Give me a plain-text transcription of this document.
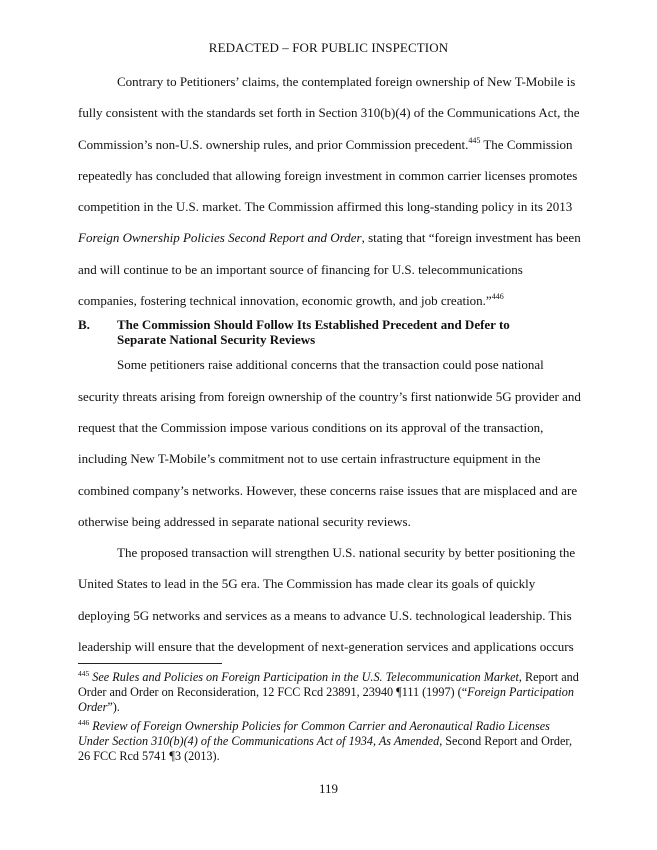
REDACTED – FOR PUBLIC INSPECTION

Contrary to Petitioners’ claims, the contemplated foreign ownership of New T-Mobile is fully consistent with the standards set forth in Section 310(b)(4) of the Communications Act, the Commission’s non-U.S. ownership rules, and prior Commission precedent.$^{445}$ The Commission repeatedly has concluded that allowing foreign investment in common carrier licenses promotes competition in the U.S. market. The Commission affirmed this long-standing policy in its 2013 Foreign Ownership Policies Second Report and Order, stating that “foreign investment has been and will continue to be an important source of financing for U.S. telecommunications companies, fostering technical innovation, economic growth, and job creation.”$^{446}$

B.	The Commission Should Follow Its Established Precedent and Defer to Separate National Security Reviews

Some petitioners raise additional concerns that the transaction could pose national security threats arising from foreign ownership of the country’s first nationwide 5G provider and request that the Commission impose various conditions on its approval of the transaction, including New T-Mobile’s commitment not to use certain infrastructure equipment in the combined company’s networks. However, these concerns raise issues that are misplaced and are otherwise being addressed in separate national security reviews.

The proposed transaction will strengthen U.S. national security by better positioning the United States to lead in the 5G era. The Commission has made clear its goals of quickly deploying 5G networks and services as a means to advance U.S. technological leadership. This leadership will ensure that the development of next-generation services and applications occurs

$^{445}$ See Rules and Policies on Foreign Participation in the U.S. Telecommunication Market, Report and Order and Order on Reconsideration, 12 FCC Rcd 23891, 23940 ¶111 (1997) (“Foreign Participation Order”).
$^{446}$ Review of Foreign Ownership Policies for Common Carrier and Aeronautical Radio Licenses Under Section 310(b)(4) of the Communications Act of 1934, As Amended, Second Report and Order, 26 FCC Rcd 5741 ¶3 (2013).
119
